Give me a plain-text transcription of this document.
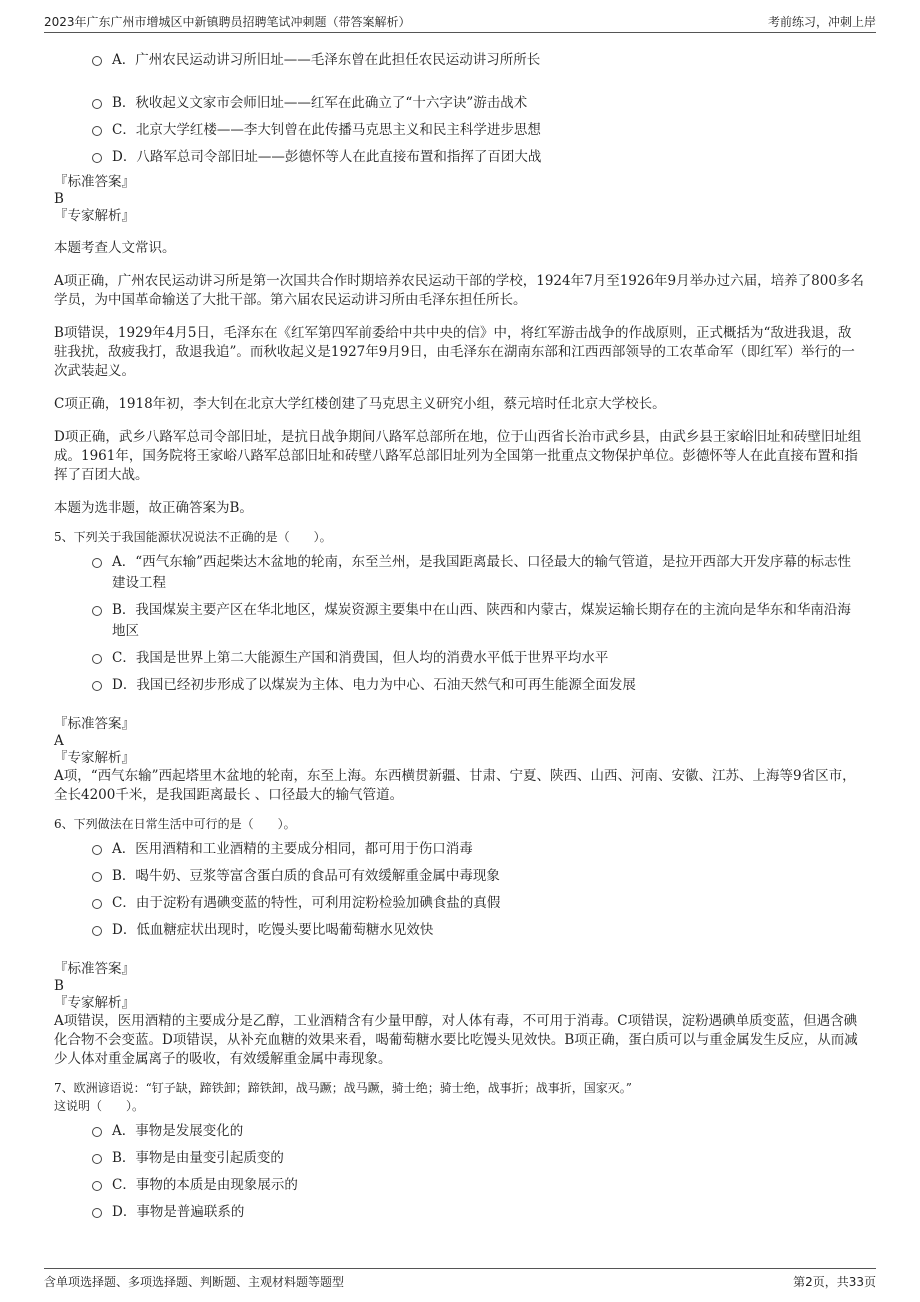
2023年广东广州市增城区中新镇聘员招聘笔试冲刺题（带答案解析）	考前练习，冲刺上岸
A．广州农民运动讲习所旧址——毛泽东曾在此担任农民运动讲习所所长
B．秋收起义文家市会师旧址——红军在此确立了“十六字诀”游击战术
C．北京大学红楼——李大钊曾在此传播马克思主义和民主科学进步思想
D．八路军总司令部旧址——彭德怀等人在此直接布置和指挥了百团大战

『标准答案』

B

『专家解析』

本题考查人文常识。

A项正确，广州农民运动讲习所是第一次国共合作时期培养农民运动干部的学校，1924年7月至1926年9月举办过六届，培养了800多名学员，为中国革命输送了大批干部。第六届农民运动讲习所由毛泽东担任所长。

B项错误，1929年4月5日，毛泽东在《红军第四军前委给中共中央的信》中，将红军游击战争的作战原则，正式概括为“敌进我退，敌驻我扰，敌疲我打，敌退我追”。而秋收起义是1927年9月9日，由毛泽东在湖南东部和江西西部领导的工农革命军（即红军）举行的一次武装起义。

C项正确，1918年初，李大钊在北京大学红楼创建了马克思主义研究小组，蔡元培时任北京大学校长。

D项正确，武乡八路军总司令部旧址，是抗日战争期间八路军总部所在地，位于山西省长治市武乡县，由武乡县王家峪旧址和砖壁旧址组成。1961年，国务院将王家峪八路军总部旧址和砖壁八路军总部旧址列为全国第一批重点文物保护单位。彭德怀等人在此直接布置和指挥了百团大战。

本题为选非题，故正确答案为B。

5、下列关于我国能源状况说法不正确的是（　　）。

A．“西气东输”西起柴达木盆地的轮南，东至兰州，是我国距离最长、口径最大的输气管道，是拉开西部大开发序幕的标志性建设工程
B．我国煤炭主要产区在华北地区，煤炭资源主要集中在山西、陕西和内蒙古，煤炭运输长期存在的主流向是华东和华南沿海地区
C．我国是世界上第二大能源生产国和消费国，但人均的消费水平低于世界平均水平
D．我国已经初步形成了以煤炭为主体、电力为中心、石油天然气和可再生能源全面发展

『标准答案』

A

『专家解析』

A项，“西气东输”西起塔里木盆地的轮南，东至上海。东西横贯新疆、甘肃、宁夏、陕西、山西、河南、安徽、江苏、上海等9省区市，全长4200千米，是我国距离最长 、口径最大的输气管道。

6、下列做法在日常生活中可行的是（　　）。

A．医用酒精和工业酒精的主要成分相同，都可用于伤口消毒
B．喝牛奶、豆浆等富含蛋白质的食品可有效缓解重金属中毒现象
C．由于淀粉有遇碘变蓝的特性，可利用淀粉检验加碘食盐的真假
D．低血糖症状出现时，吃馒头要比喝葡萄糖水见效快

『标准答案』

B

『专家解析』

A项错误，医用酒精的主要成分是乙醇，工业酒精含有少量甲醇，对人体有毒，不可用于消毒。C项错误，淀粉遇碘单质变蓝，但遇含碘化合物不会变蓝。D项错误，从补充血糖的效果来看，喝葡萄糖水要比吃馒头见效快。B项正确，蛋白质可以与重金属发生反应，从而减少人体对重金属离子的吸收，有效缓解重金属中毒现象。

7、欧洲谚语说：“钉子缺，蹄铁卸；蹄铁卸，战马蹶；战马蹶，骑士绝；骑士绝，战事折；战事折，国家灭。”

这说明（　　）。

A．事物是发展变化的
B．事物是由量变引起质变的
C．事物的本质是由现象展示的
D．事物是普遍联系的
含单项选择题、多项选择题、判断题、主观材料题等题型	第2页，共33页
